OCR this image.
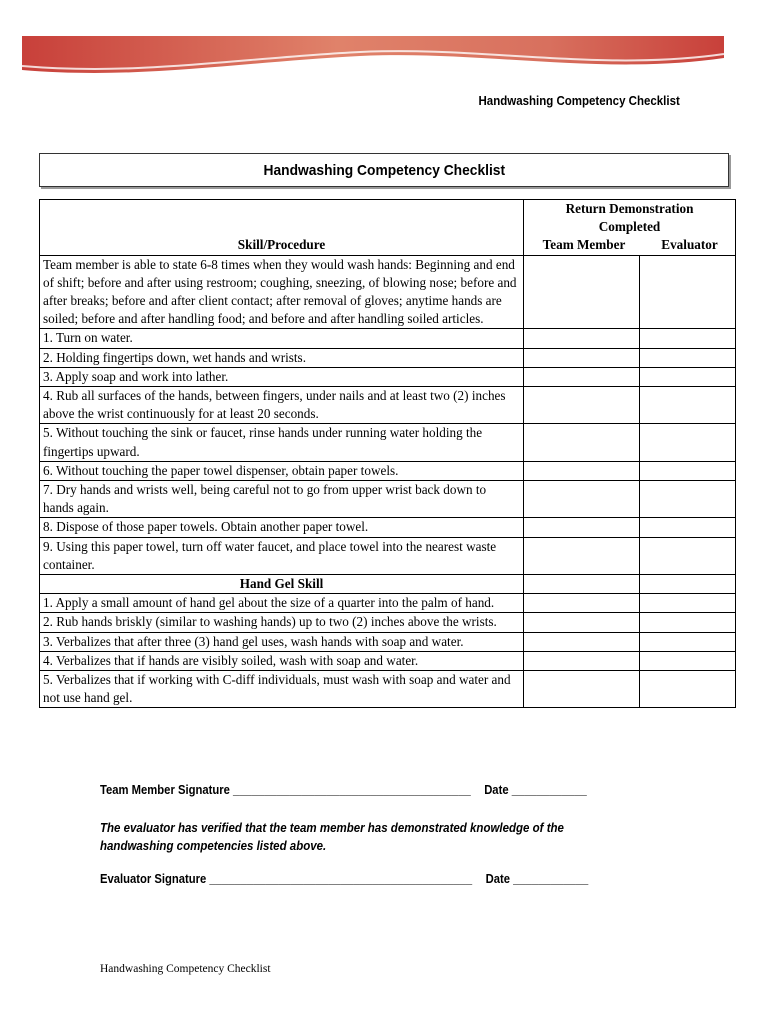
Handwashing Competency Checklist
Handwashing Competency Checklist
Skill/Procedure	Return Demonstration
Completed
Team Member Evaluator	

Team member is able to state 6-8 times when they would wash hands: Beginning and end of shift; before and after using restroom; coughing, sneezing, of blowing nose; before and after breaks; before and after client contact; after removal of gloves; anytime hands are soiled; before and after handling food; and before and after handling soiled articles.		
1. Turn on water.		
2. Holding fingertips down, wet hands and wrists.		
3. Apply soap and work into lather.		
4. Rub all surfaces of the hands, between fingers, under nails and at least two (2) inches above the wrist continuously for at least 20 seconds.		
5. Without touching the sink or faucet, rinse hands under running water holding the fingertips upward.		
6. Without touching the paper towel dispenser, obtain paper towels.		
7. Dry hands and wrists well, being careful not to go from upper wrist back down to hands again.		
8. Dispose of those paper towels. Obtain another paper towel.		
9. Using this paper towel, turn off water faucet, and place towel into the nearest waste container.		
Hand Gel Skill		
1. Apply a small amount of hand gel about the size of a quarter into the palm of hand.		
2. Rub hands briskly (similar to washing hands) up to two (2) inches above the wrists.		
3. Verbalizes that after three (3) hand gel uses, wash hands with soap and water.		
4. Verbalizes that if hands are visibly soiled, wash with soap and water.		
5. Verbalizes that if working with C-diff individuals, must wash with soap and water and not use hand gel.		
Team Member Signature ______________________________________ Date ____________
The evaluator has verified that the team member has demonstrated knowledge of the handwashing competencies listed above.
Evaluator Signature __________________________________________ Date ____________
Handwashing Competency Checklist
